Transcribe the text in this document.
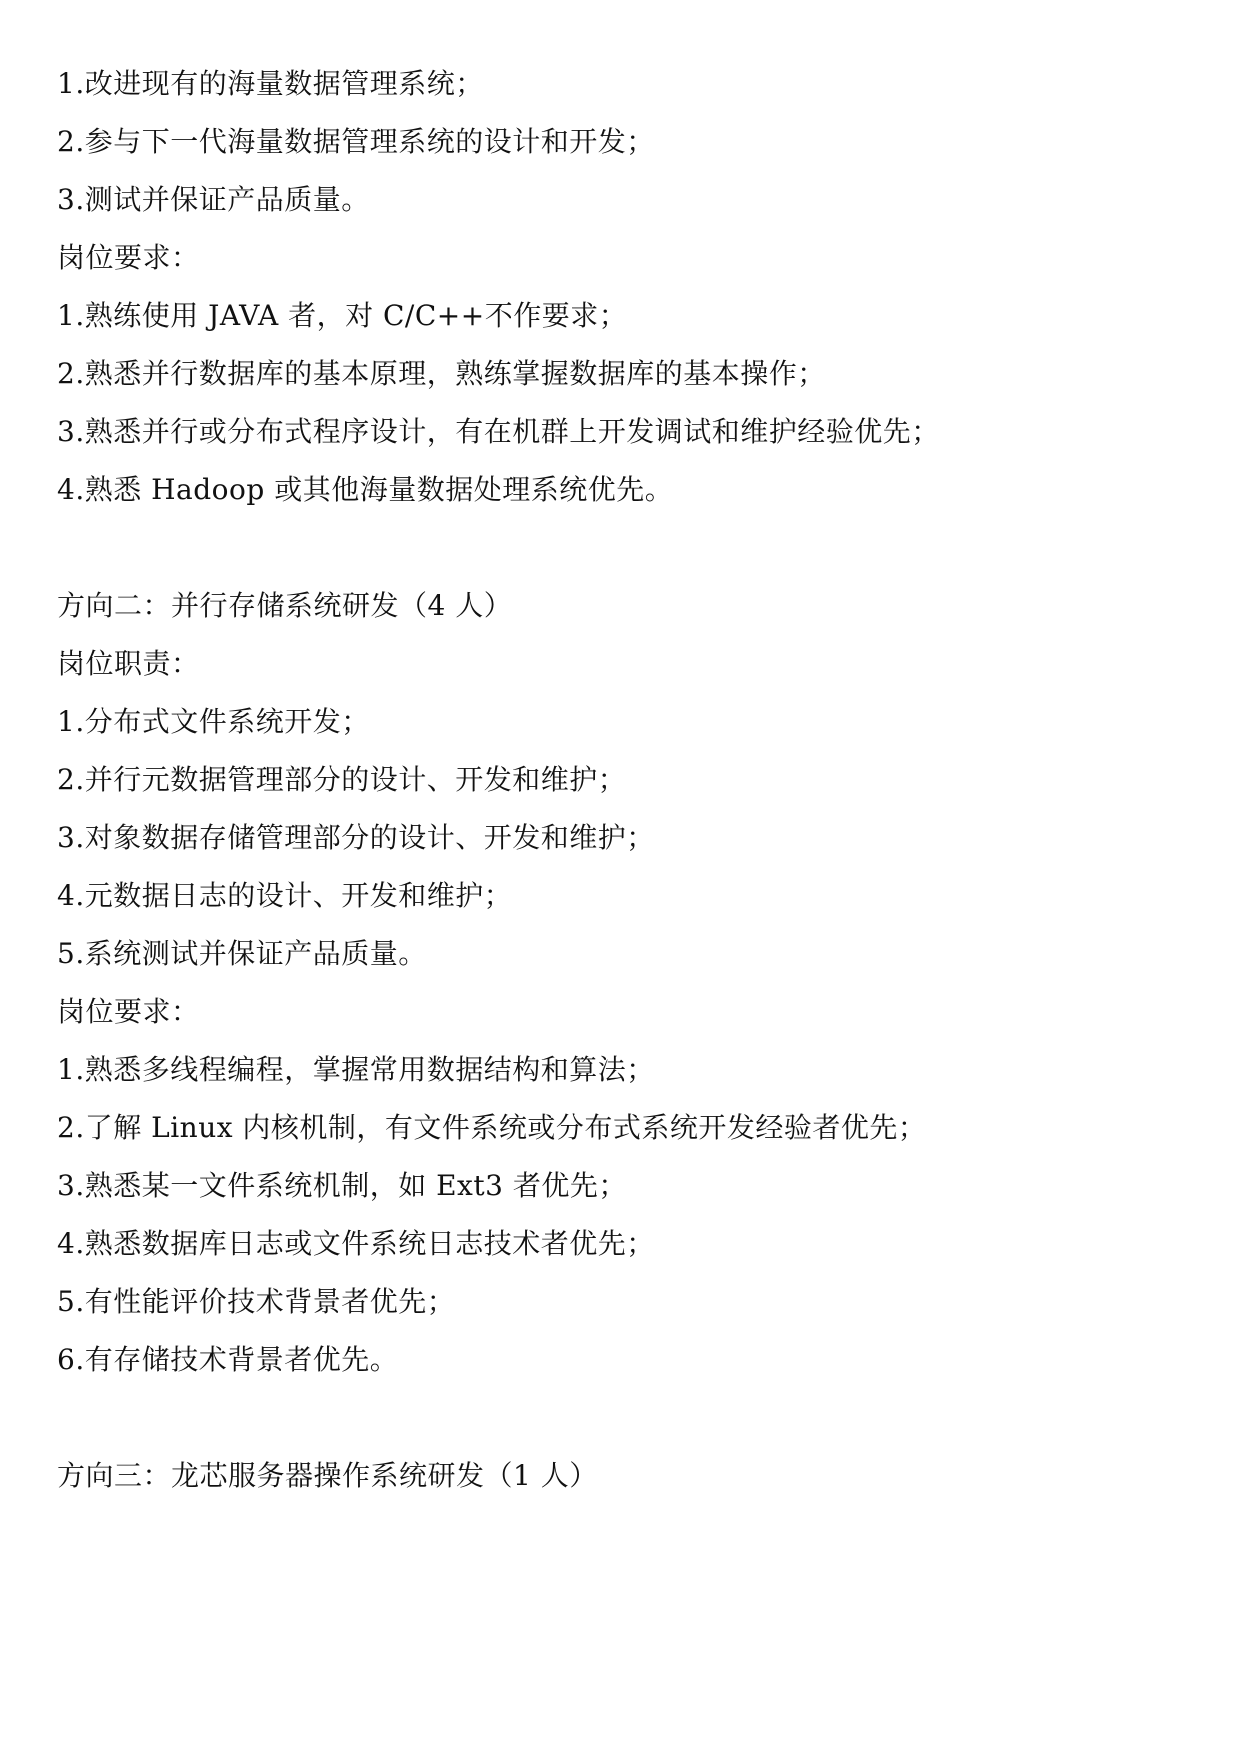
1.改进现有的海量数据管理系统；
2.参与下一代海量数据管理系统的设计和开发；
3.测试并保证产品质量。
岗位要求：
1.熟练使用 JAVA 者，对 C/C++不作要求；
2.熟悉并行数据库的基本原理，熟练掌握数据库的基本操作；
3.熟悉并行或分布式程序设计，有在机群上开发调试和维护经验优先；
4.熟悉 Hadoop 或其他海量数据处理系统优先。
方向二：并行存储系统研发（4 人）
岗位职责：
1.分布式文件系统开发；
2.并行元数据管理部分的设计、开发和维护；
3.对象数据存储管理部分的设计、开发和维护；
4.元数据日志的设计、开发和维护；
5.系统测试并保证产品质量。
岗位要求：
1.熟悉多线程编程，掌握常用数据结构和算法；
2.了解 Linux 内核机制，有文件系统或分布式系统开发经验者优先；
3.熟悉某一文件系统机制，如 Ext3 者优先；
4.熟悉数据库日志或文件系统日志技术者优先；
5.有性能评价技术背景者优先；
6.有存储技术背景者优先。
方向三：龙芯服务器操作系统研发（1 人）
